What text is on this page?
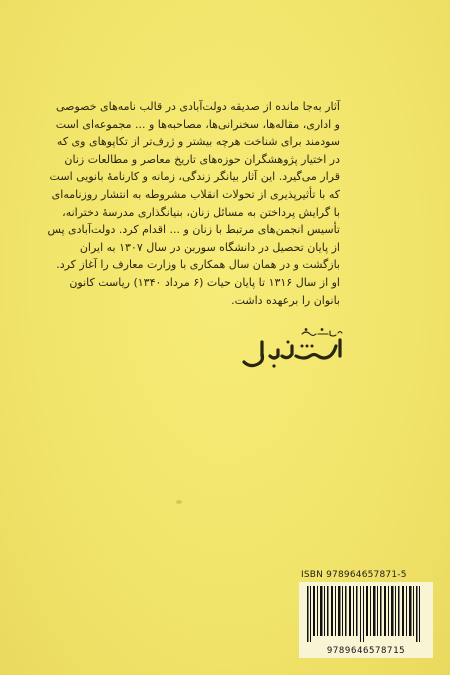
آثار به‌جا مانده از صدیقه دولت‌آبادی در قالب نامه‌های خصوصی
و اداری، مقاله‌ها، سخنرانی‌ها، مصاحبه‌ها و ... مجموعه‌ای است
سودمند برای شناخت هرچه بیشتر و ژرف‌تر از تکاپوهای وی که
در اختیار پژوهشگران حوزه‌های تاریخ معاصر و مطالعات زنان
قرار می‌گیرد. این آثار بیانگر زندگی، زمانه و کارنامهٔ بانویی است
که با تأثیرپذیری از تحولات انقلاب مشروطه به انتشار روزنامه‌ای
با گرایش پرداختن به مسائل زنان، بنیانگذاری مدرسهٔ دخترانه،
تأسیس انجمن‌های مرتبط با زنان و ... اقدام کرد. دولت‌آبادی پس
از پایان تحصیل در دانشگاه سوربن در سال ۱۳۰۷ به ایران
بازگشت و در همان سال همکاری با وزارت معارف را آغاز کرد.
او از سال ۱۳۱۶ تا پایان حیات (۶ مرداد ۱۳۴۰) ریاست کانون
بانوان را برعهده داشت.
ISBN 978964657871-5
9789646578715
